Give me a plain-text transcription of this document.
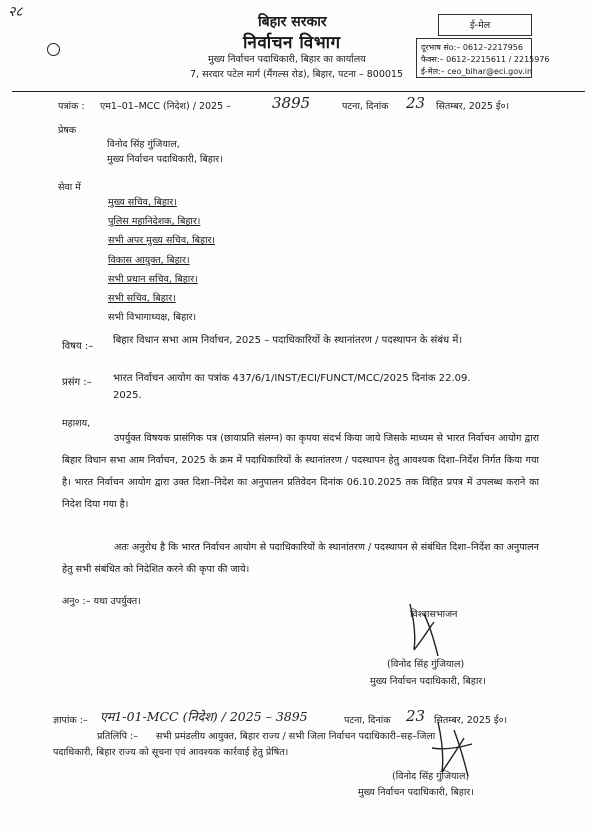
२८
बिहार सरकार
निर्वाचन विभाग
मुख्य निर्वाचन पदाधिकारी, बिहार का कार्यालय
7, सरदार पटेल मार्ग (मैंगल्स रोड), बिहार, पटना – 800015
ई-मेल
दूरभाष संo:– 0612–2217956
फैक्स:– 0612–2215611 / 2215976
ई-मेल:– ceo_bihar@eci.gov.in
पत्रांक : एम1–01–MCC (निदेश) / 2025 –	3895	पटना, दिनांक 23 सितम्बर, 2025 ई०।
प्रेषक
विनोद सिंह गुंजियाल,
मुख्य निर्वाचन पदाधिकारी, बिहार।
सेवा में
मुख्य सचिव, बिहार।
पुलिस महानिदेशक, बिहार।
सभी अपर मुख्य सचिव, बिहार।
विकास आयुक्त, बिहार।
सभी प्रधान सचिव, बिहार।
सभी सचिव, बिहार।
सभी विभागाध्यक्ष, बिहार।
विषय :–
बिहार विधान सभा आम निर्वाचन, 2025 – पदाधिकारियों के स्थानांतरण / पदस्थापन के संबंध में।
प्रसंग :– भारत निर्वाचन आयोग का पत्रांक 437/6/1/INST/ECI/FUNCT/MCC/2025 दिनांक 22.09.
2025.
महाशय,
उपर्युक्त विषयक प्रासंगिक पत्र (छायाप्रति संलग्न) का कृपया संदर्भ किया जाये जिसके माध्यम से भारत निर्वाचन आयोग द्वारा बिहार विधान सभा आम निर्वाचन, 2025 के क्रम में पदाधिकारियों के स्थानांतरण / पदस्थापन हेतु आवश्यक दिशा–निर्देश निर्गत किया गया है। भारत निर्वाचन आयोग द्वारा उक्त दिशा–निदेश का अनुपालन प्रतिवेदन दिनांक 06.10.2025 तक विहित प्रपत्र में उपलब्ध कराने का निदेश दिया गया है।
अतः अनुरोध है कि भारत निर्वाचन आयोग से पदाधिकारियों के स्थानांतरण / पदस्थापन से संबंधित दिशा–निर्देश का अनुपालन हेतु सभी संबंधित को निदेशित करने की कृपा की जाये।
अनु० :– यथा उपर्युक्त।
विश्वासभाजन
(विनोद सिंह गुंजियाल)
मुख्य निर्वाचन पदाधिकारी, बिहार।
ज्ञापांक :– एम1-01-MCC (निदेश) / 2025 – 3895	पटना, दिनांक 23 सितम्बर, 2025 ई०।
प्रतिलिपि :– सभी प्रमंडलीय आयुक्त, बिहार राज्य / सभी जिला निर्वाचन पदाधिकारी–सह–जिला
पदाधिकारी, बिहार राज्य को सूचना एवं आवश्यक कार्रवाई हेतु प्रेषित।
(विनोद सिंह गुंजियाल)
मुख्य निर्वाचन पदाधिकारी, बिहार।
